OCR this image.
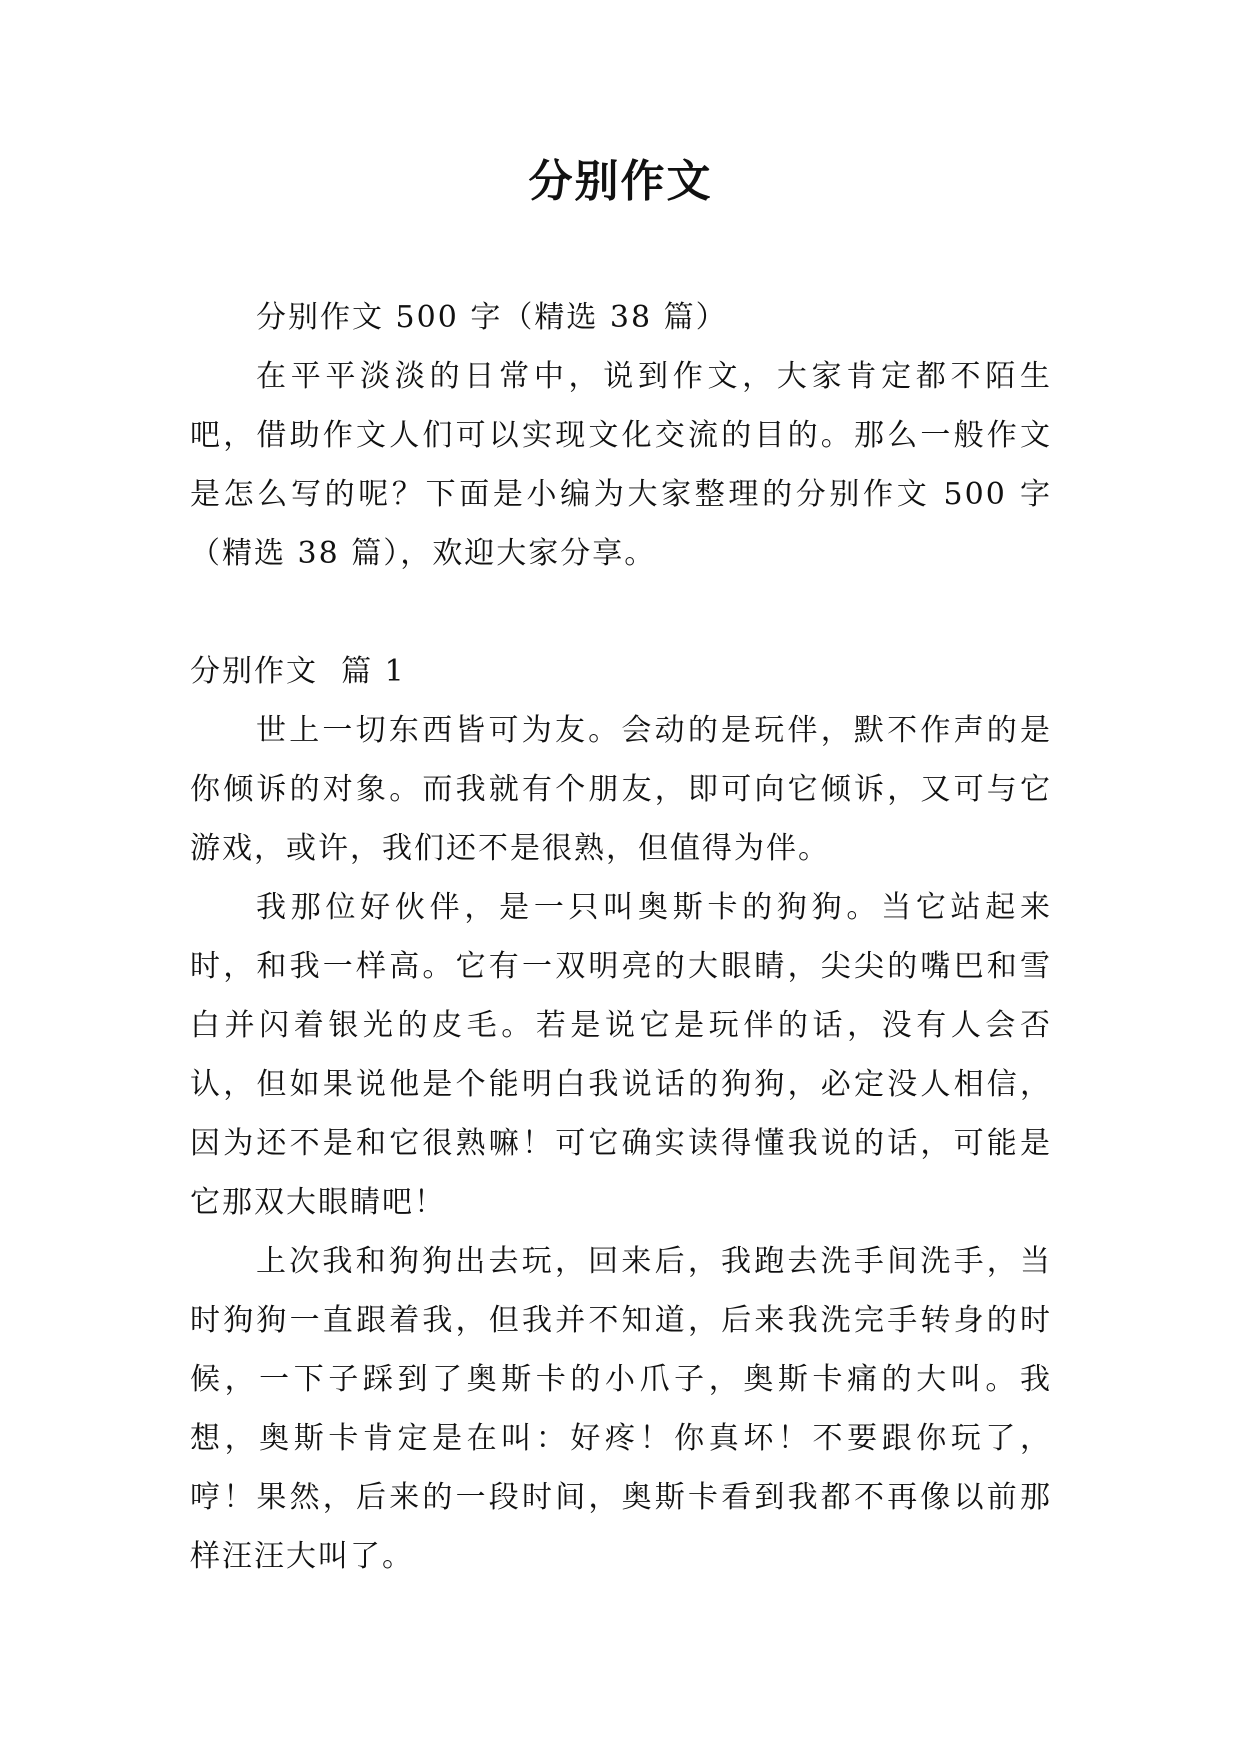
分别作文

分别作文 500 字（精选 38 篇）

在平平淡淡的日常中，说到作文，大家肯定都不陌生吧，借助作文人们可以实现文化交流的目的。那么一般作文是怎么写的呢？下面是小编为大家整理的分别作文 500 字（精选 38 篇），欢迎大家分享。

分别作文  篇 1

世上一切东西皆可为友。会动的是玩伴，默不作声的是你倾诉的对象。而我就有个朋友，即可向它倾诉，又可与它游戏，或许，我们还不是很熟，但值得为伴。

我那位好伙伴，是一只叫奥斯卡的狗狗。当它站起来时，和我一样高。它有一双明亮的大眼睛，尖尖的嘴巴和雪白并闪着银光的皮毛。若是说它是玩伴的话，没有人会否认，但如果说他是个能明白我说话的狗狗，必定没人相信，因为还不是和它很熟嘛！可它确实读得懂我说的话，可能是它那双大眼睛吧！

上次我和狗狗出去玩，回来后，我跑去洗手间洗手，当时狗狗一直跟着我，但我并不知道，后来我洗完手转身的时候，一下子踩到了奥斯卡的小爪子，奥斯卡痛的大叫。我想，奥斯卡肯定是在叫：好疼！你真坏！不要跟你玩了，哼！果然，后来的一段时间，奥斯卡看到我都不再像以前那样汪汪大叫了。
